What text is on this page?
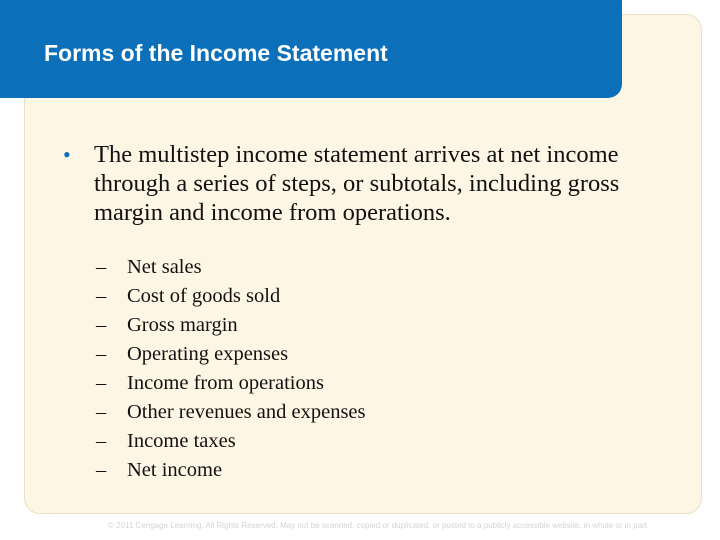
Forms of the Income Statement
• The multistep income statement arrives at net income through a series of steps, or subtotals, including gross margin and income from operations.
– Net sales
– Cost of goods sold
– Gross margin
– Operating expenses
– Income from operations
– Other revenues and expenses
– Income taxes
– Net income
© 2011 Cengage Learning. All Rights Reserved. May not be scanned, copied or duplicated, or posted to a publicly accessible website, in whole or in part.
